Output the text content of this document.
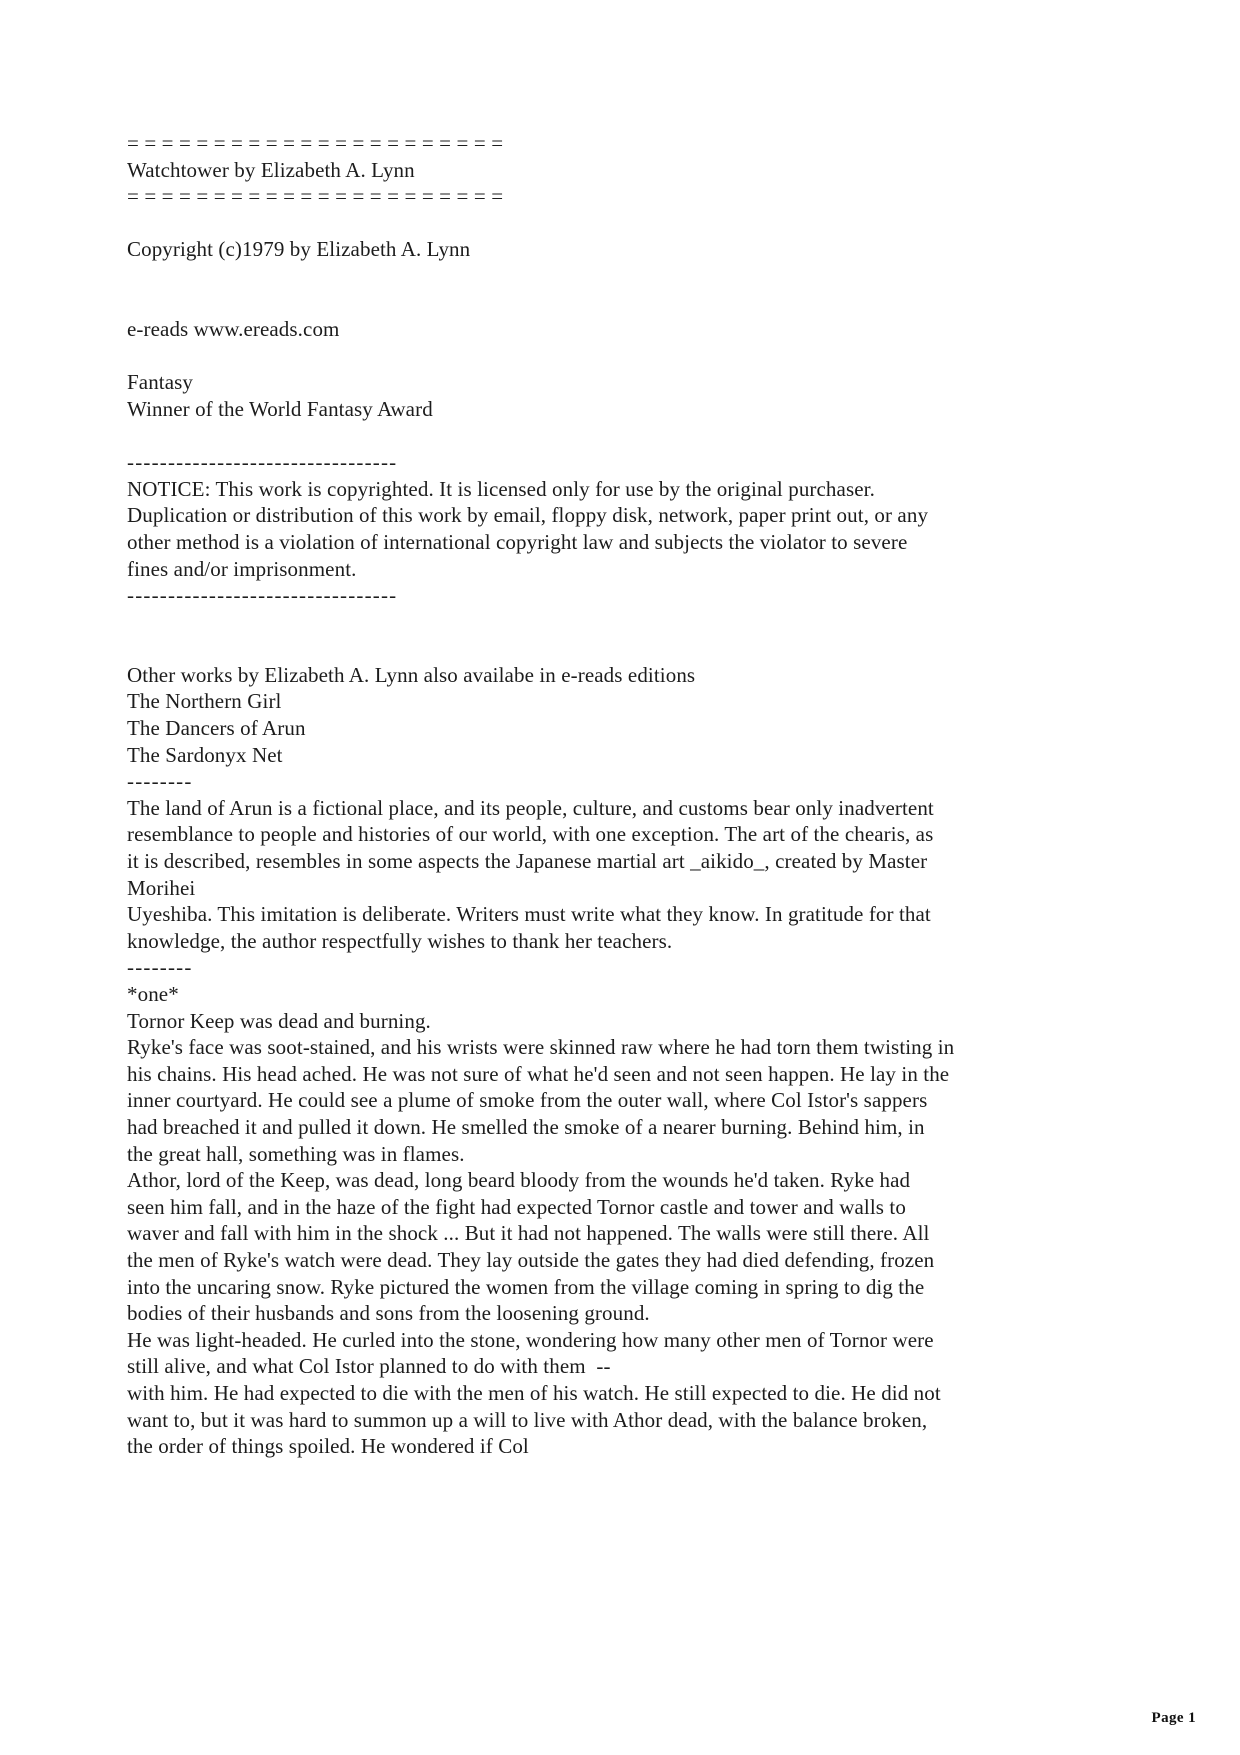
======================
Watchtower by Elizabeth A. Lynn
======================

Copyright (c)1979 by Elizabeth A. Lynn

e-reads www.ereads.com

Fantasy
Winner of the World Fantasy Award

---------------------------------
NOTICE: This work is copyrighted. It is licensed only for use by the original purchaser.
Duplication or distribution of this work by email, floppy disk, network, paper print out, or any
other method is a violation of international copyright law and subjects the violator to severe
fines and/or imprisonment.
---------------------------------

Other works by Elizabeth A. Lynn also availabe in e-reads editions
The Northern Girl
The Dancers of Arun
The Sardonyx Net
--------
The land of Arun is a fictional place, and its people, culture, and customs bear only inadvertent
resemblance to people and histories of our world, with one exception. The art of the chearis, as
it is described, resembles in some aspects the Japanese martial art _aikido_, created by Master
Morihei
Uyeshiba. This imitation is deliberate. Writers must write what they know. In gratitude for that
knowledge, the author respectfully wishes to thank her teachers.
--------
*one*
Tornor Keep was dead and burning.
Ryke's face was soot-stained, and his wrists were skinned raw where he had torn them twisting in
his chains. His head ached. He was not sure of what he'd seen and not seen happen. He lay in the
inner courtyard. He could see a plume of smoke from the outer wall, where Col Istor's sappers
had breached it and pulled it down. He smelled the smoke of a nearer burning. Behind him, in
the great hall, something was in flames.
Athor, lord of the Keep, was dead, long beard bloody from the wounds he'd taken. Ryke had
seen him fall, and in the haze of the fight had expected Tornor castle and tower and walls to
waver and fall with him in the shock ... But it had not happened. The walls were still there. All
the men of Ryke's watch were dead. They lay outside the gates they had died defending, frozen
into the uncaring snow. Ryke pictured the women from the village coming in spring to dig the
bodies of their husbands and sons from the loosening ground.
He was light-headed. He curled into the stone, wondering how many other men of Tornor were
still alive, and what Col Istor planned to do with them  --
with him. He had expected to die with the men of his watch. He still expected to die. He did not
want to, but it was hard to summon up a will to live with Athor dead, with the balance broken,
the order of things spoiled. He wondered if Col
Page 1
